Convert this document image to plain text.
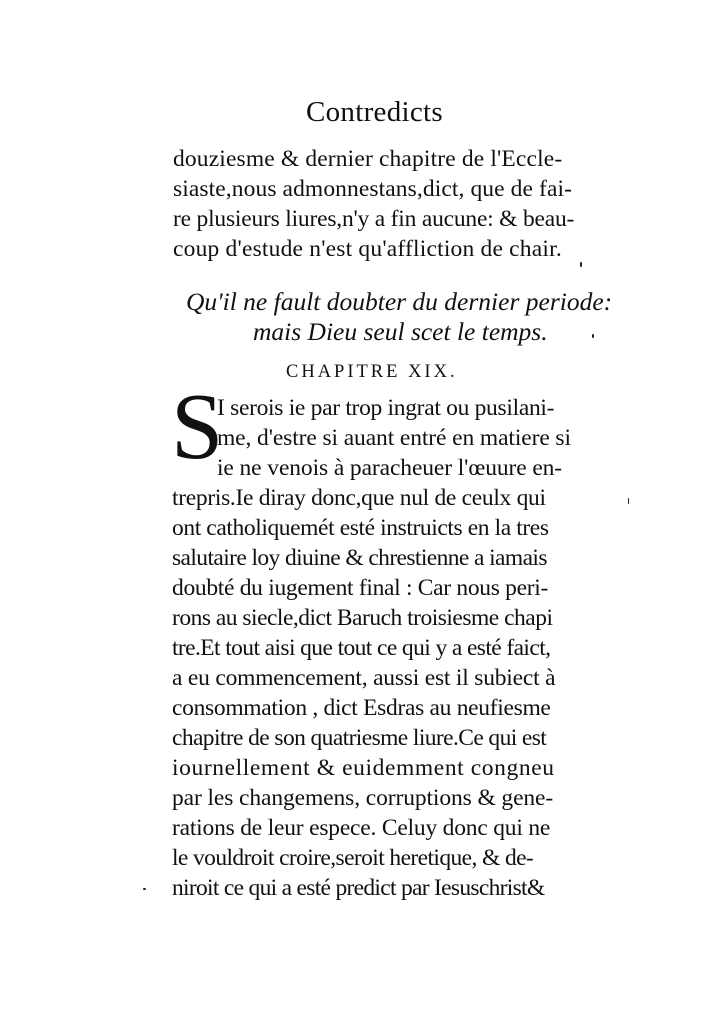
Contredicts
douziesme & dernier chapitre de l'Eccle-
siaste,nous admonnestans,dict, que de fai-
re plusieurs liures,n'y a fin aucune: & beau-
coup d'estude n'est qu'affliction de chair.
Qu'il ne fault doubter du dernier periode:
mais Dieu seul scet le temps.
CHAPITRE XIX.
S
I serois ie par trop ingrat ou pusilani-
me, d'estre si auant entré en matiere si
ie ne venois à paracheuer l'œuure en-
trepris.Ie diray donc,que nul de ceulx qui
ont catholiquemét esté instruicts en la tres
salutaire loy diuine & chrestienne a iamais
doubté du iugement final : Car nous peri-
rons au siecle,dict Baruch troisiesme chapi
tre.Et tout aisi que tout ce qui y a esté faict,
a eu commencement, aussi est il subiect à
consommation , dict Esdras au neufiesme
chapitre de son quatriesme liure.Ce qui est
iournellement & euidemment congneu
par les changemens, corruptions & gene-
rations de leur espece. Celuy donc qui ne
le vouldroit croire,seroit heretique, & de-
niroit ce qui a esté predict par Iesuschrist&
